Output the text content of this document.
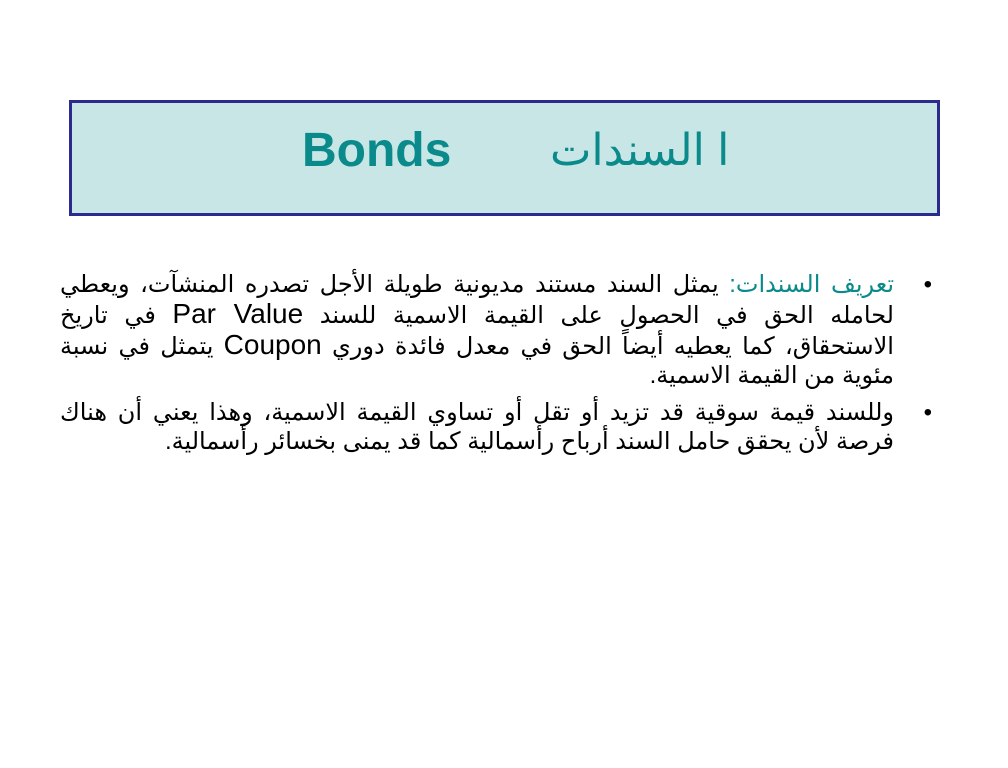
Bonds ا السندات
•
تعريف السندات: يمثل السند مستند مديونية طويلة الأجل تصدره المنشآت، ويعطي لحامله الحق في الحصول على القيمة الاسمية للسند Par Value في تاريخ الاستحقاق، كما يعطيه أيضاً الحق في معدل فائدة دوري Coupon يتمثل في نسبة مئوية من القيمة الاسمية.
•
وللسند قيمة سوقية قد تزيد أو تقل أو تساوي القيمة الاسمية، وهذا يعني أن هناك فرصة لأن يحقق حامل السند أرباح رأسمالية كما قد يمنى بخسائر رأسمالية.
